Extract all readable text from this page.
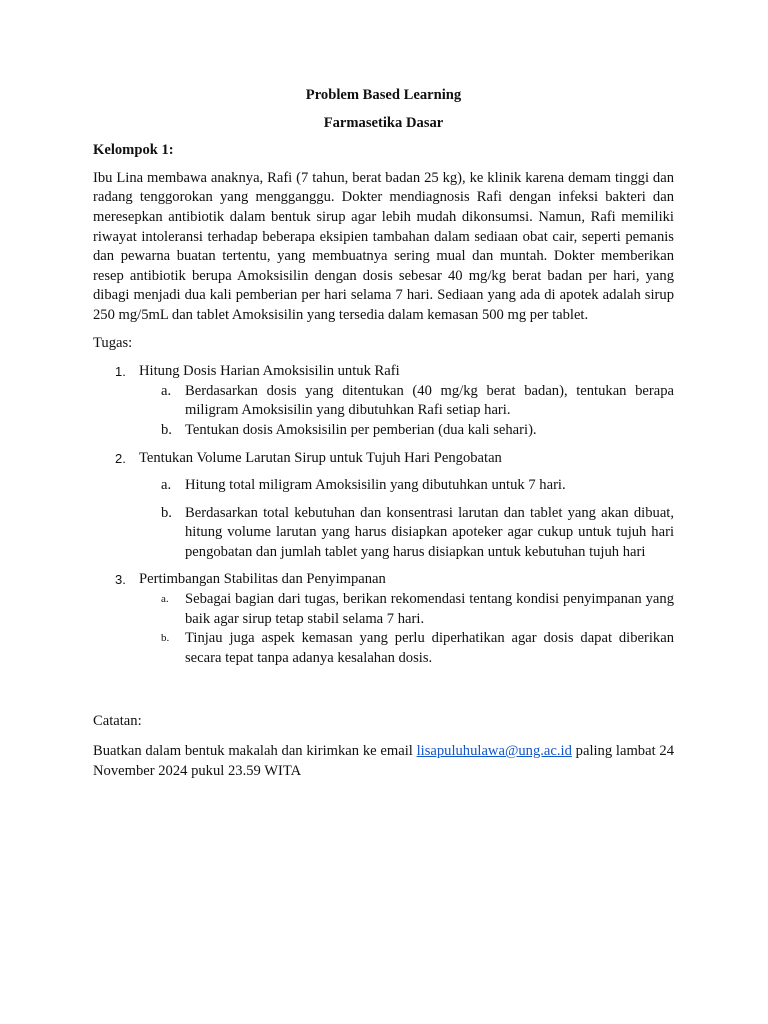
Problem Based Learning
Farmasetika Dasar
Kelompok 1:
Ibu Lina membawa anaknya, Rafi (7 tahun, berat badan 25 kg), ke klinik karena demam tinggi dan radang tenggorokan yang mengganggu. Dokter mendiagnosis Rafi dengan infeksi bakteri dan meresepkan antibiotik dalam bentuk sirup agar lebih mudah dikonsumsi. Namun, Rafi memiliki riwayat intoleransi terhadap beberapa eksipien tambahan dalam sediaan obat cair, seperti pemanis dan pewarna buatan tertentu, yang membuatnya sering mual dan muntah. Dokter memberikan resep antibiotik berupa Amoksisilin dengan dosis sebesar 40 mg/kg berat badan per hari, yang dibagi menjadi dua kali pemberian per hari selama 7 hari. Sediaan yang ada di apotek adalah sirup 250 mg/5mL dan tablet Amoksisilin yang tersedia dalam kemasan 500 mg per tablet.
Tugas:
1. Hitung Dosis Harian Amoksisilin untuk Rafi
a. Berdasarkan dosis yang ditentukan (40 mg/kg berat badan), tentukan berapa miligram Amoksisilin yang dibutuhkan Rafi setiap hari.
b. Tentukan dosis Amoksisilin per pemberian (dua kali sehari).
2. Tentukan Volume Larutan Sirup untuk Tujuh Hari Pengobatan
a. Hitung total miligram Amoksisilin yang dibutuhkan untuk 7 hari.
b. Berdasarkan total kebutuhan dan konsentrasi larutan dan tablet yang akan dibuat, hitung volume larutan yang harus disiapkan apoteker agar cukup untuk tujuh hari pengobatan dan jumlah tablet yang harus disiapkan untuk kebutuhan tujuh hari
3. Pertimbangan Stabilitas dan Penyimpanan
a. Sebagai bagian dari tugas, berikan rekomendasi tentang kondisi penyimpanan yang baik agar sirup tetap stabil selama 7 hari.
b. Tinjau juga aspek kemasan yang perlu diperhatikan agar dosis dapat diberikan secara tepat tanpa adanya kesalahan dosis.
Catatan:

Buatkan dalam bentuk makalah dan kirimkan ke email lisapuluhulawa@ung.ac.id paling lambat 24 November 2024 pukul 23.59 WITA
